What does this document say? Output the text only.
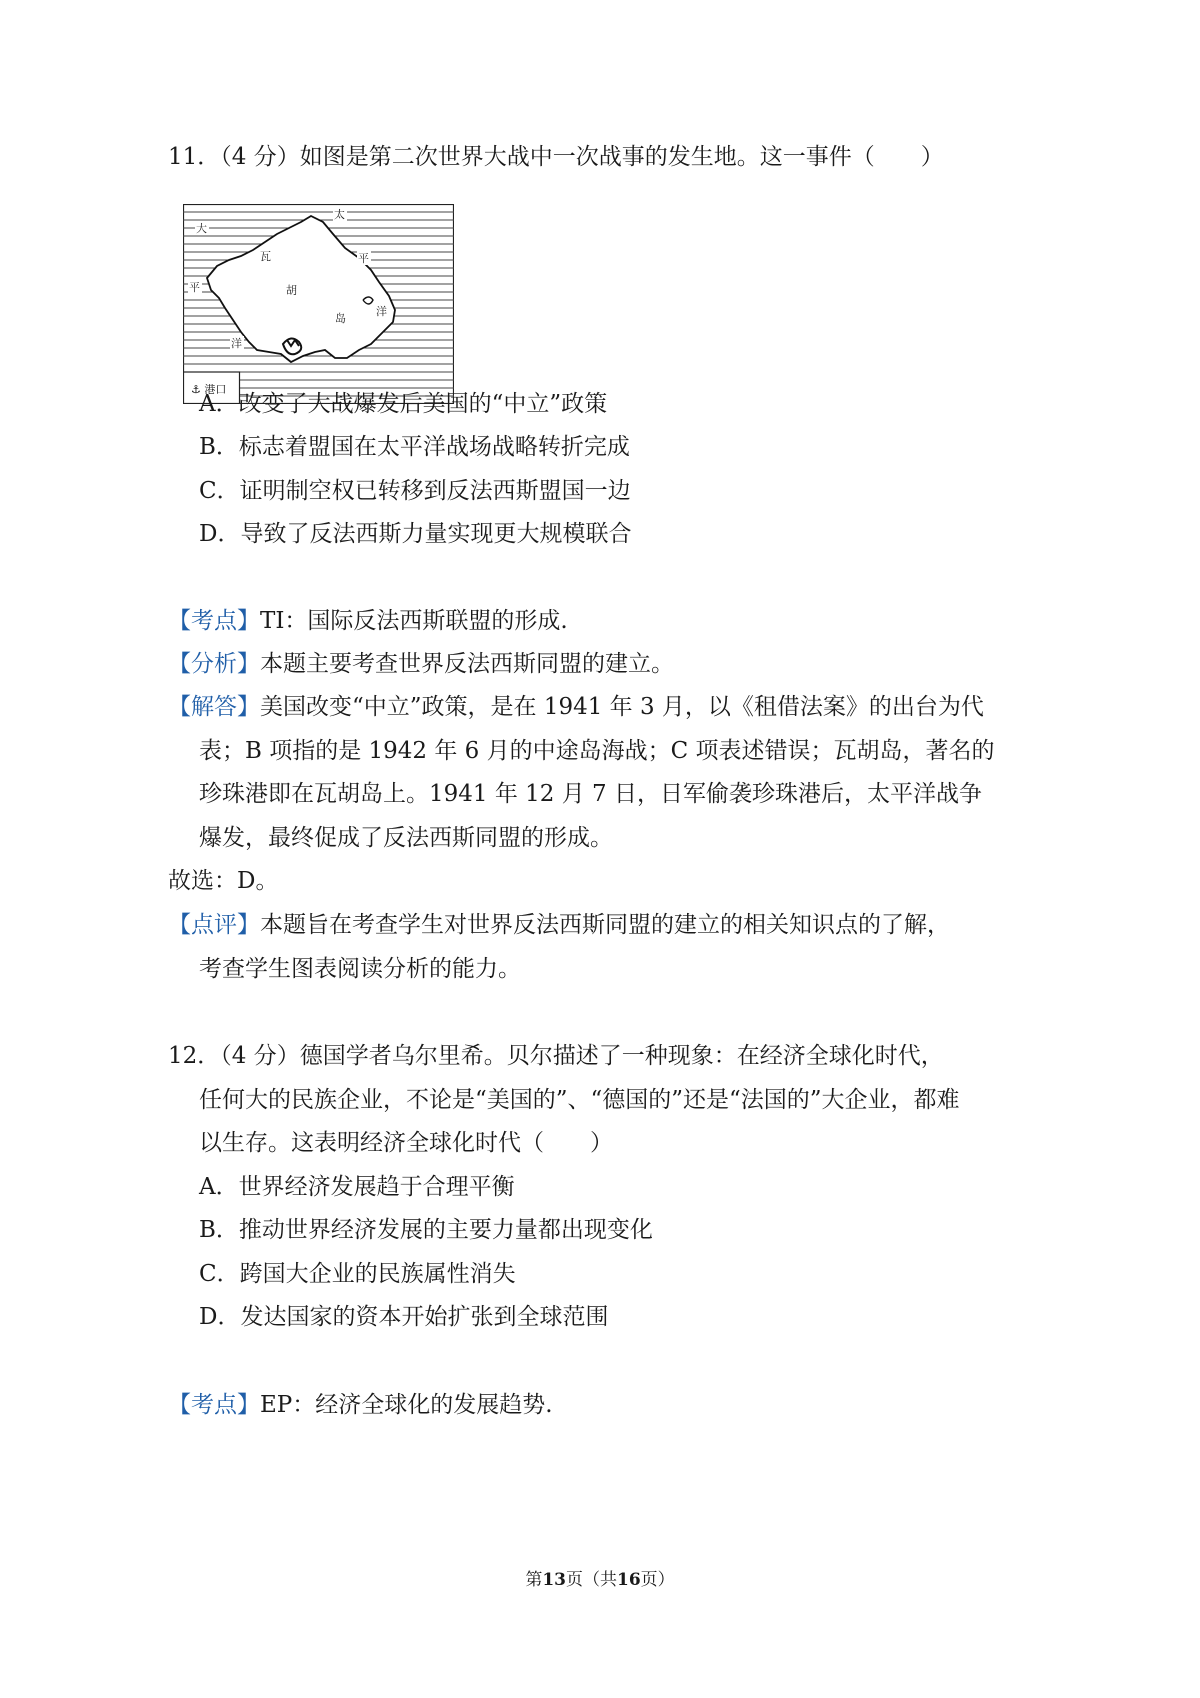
11．（4 分）如图是第二次世界大战中一次战事的发生地。这一事件（　　）
大
太
瓦	平
胡
平
岛
洋
洋
⚓ 港口
A．改变了大战爆发后美国的“中立”政策
B．标志着盟国在太平洋战场战略转折完成
C．证明制空权已转移到反法西斯盟国一边
D．导致了反法西斯力量实现更大规模联合
【考点】TI：国际反法西斯联盟的形成.
【分析】本题主要考查世界反法西斯同盟的建立。
【解答】美国改变“中立”政策，是在 1941 年 3 月，以《租借法案》的出台为代
表；B 项指的是 1942 年 6 月的中途岛海战；C 项表述错误；瓦胡岛，著名的
珍珠港即在瓦胡岛上。1941 年 12 月 7 日，日军偷袭珍珠港后，太平洋战争
爆发，最终促成了反法西斯同盟的形成。
故选：D。
【点评】本题旨在考查学生对世界反法西斯同盟的建立的相关知识点的了解，
考查学生图表阅读分析的能力。
12．（4 分）德国学者乌尔里希。贝尔描述了一种现象：在经济全球化时代，
任何大的民族企业，不论是“美国的”、“德国的”还是“法国的”大企业，都难
以生存。这表明经济全球化时代（　　）
A．世界经济发展趋于合理平衡
B．推动世界经济发展的主要力量都出现变化
C．跨国大企业的民族属性消失
D．发达国家的资本开始扩张到全球范围
【考点】EP：经济全球化的发展趋势.
第13页（共16页）
